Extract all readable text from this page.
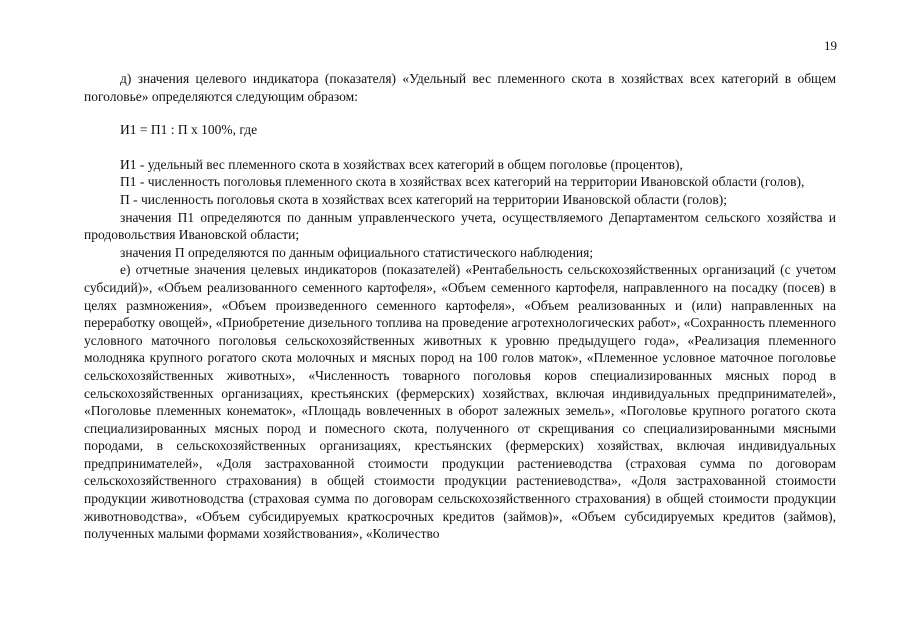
19

д) значения целевого индикатора (показателя) «Удельный вес племенного скота в хозяйствах всех категорий в общем поголовье» определяются следующим образом:

И1 = П1 : П х 100%, где

И1 - удельный вес племенного скота в хозяйствах всех категорий в общем поголовье (процентов),

П1 - численность поголовья племенного скота в хозяйствах всех категорий на территории Ивановской области (голов),

П - численность поголовья скота в хозяйствах всех категорий на территории Ивановской области (голов);

значения П1 определяются по данным управленческого учета, осуществляемого Департаментом сельского хозяйства и продовольствия Ивановской области;

значения П определяются по данным официального статистического наблюдения;

е) отчетные значения целевых индикаторов (показателей) «Рентабельность сельскохозяйственных организаций (с учетом субсидий)», «Объем реализованного семенного картофеля», «Объем семенного картофеля, направленного на посадку (посев) в целях размножения», «Объем произведенного семенного картофеля», «Объем реализованных и (или) направленных на переработку овощей», «Приобретение дизельного топлива на проведение агротехнологических работ», «Сохранность племенного условного маточного поголовья сельскохозяйственных животных к уровню предыдущего года», «Реализация племенного молодняка крупного рогатого скота молочных и мясных пород на 100 голов маток», «Племенное условное маточное поголовье сельскохозяйственных животных», «Численность товарного поголовья коров специализированных мясных пород в сельскохозяйственных организациях, крестьянских (фермерских) хозяйствах, включая индивидуальных предпринимателей», «Поголовье племенных конематок», «Площадь вовлеченных в оборот залежных земель», «Поголовье крупного рогатого скота специализированных мясных пород и помесного скота, полученного от скрещивания со специализированными мясными породами, в сельскохозяйственных организациях, крестьянских (фермерских) хозяйствах, включая индивидуальных предпринимателей», «Доля застрахованной стоимости продукции растениеводства (страховая сумма по договорам сельскохозяйственного страхования) в общей стоимости продукции растениеводства», «Доля застрахованной стоимости продукции животноводства (страховая сумма по договорам сельскохозяйственного страхования) в общей стоимости продукции животноводства», «Объем субсидируемых краткосрочных кредитов (займов)», «Объем субсидируемых кредитов (займов), полученных малыми формами хозяйствования», «Количество
